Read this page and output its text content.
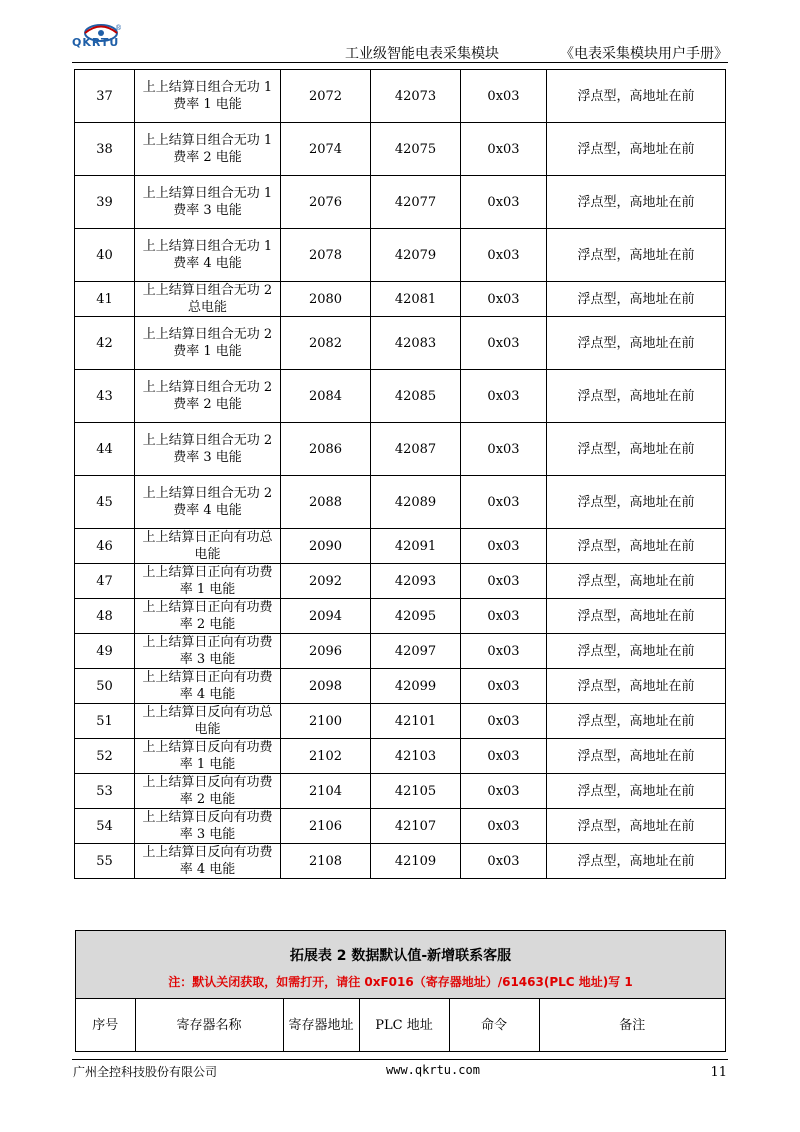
®
QKRTU
工业级智能电表采集模块	《电表采集模块用户手册》
37	上上结算日组合无功 1 费率 1 电能	2072	42073	0x03	浮点型，高地址在前
38	上上结算日组合无功 1 费率 2 电能	2074	42075	0x03	浮点型，高地址在前
39	上上结算日组合无功 1 费率 3 电能	2076	42077	0x03	浮点型，高地址在前
40	上上结算日组合无功 1 费率 4 电能	2078	42079	0x03	浮点型，高地址在前
41	上上结算日组合无功 2 总电能	2080	42081	0x03	浮点型，高地址在前
42	上上结算日组合无功 2 费率 1 电能	2082	42083	0x03	浮点型，高地址在前
43	上上结算日组合无功 2 费率 2 电能	2084	42085	0x03	浮点型，高地址在前
44	上上结算日组合无功 2 费率 3 电能	2086	42087	0x03	浮点型，高地址在前
45	上上结算日组合无功 2 费率 4 电能	2088	42089	0x03	浮点型，高地址在前
46	上上结算日正向有功总电能	2090	42091	0x03	浮点型，高地址在前
47	上上结算日正向有功费率 1 电能	2092	42093	0x03	浮点型，高地址在前
48	上上结算日正向有功费率 2 电能	2094	42095	0x03	浮点型，高地址在前
49	上上结算日正向有功费率 3 电能	2096	42097	0x03	浮点型，高地址在前
50	上上结算日正向有功费率 4 电能	2098	42099	0x03	浮点型，高地址在前
51	上上结算日反向有功总电能	2100	42101	0x03	浮点型，高地址在前
52	上上结算日反向有功费率 1 电能	2102	42103	0x03	浮点型，高地址在前
53	上上结算日反向有功费率 2 电能	2104	42105	0x03	浮点型，高地址在前
54	上上结算日反向有功费率 3 电能	2106	42107	0x03	浮点型，高地址在前
55	上上结算日反向有功费率 4 电能	2108	42109	0x03	浮点型，高地址在前
拓展表 2 数据默认值-新增联系客服
注：默认关闭获取，如需打开，请往 0xF016（寄存器地址）/61463(PLC 地址)写 1
序号	寄存器名称	寄存器地址	PLC 地址	命令	备注
广州全控科技股份有限公司	www.qkrtu.com	11
